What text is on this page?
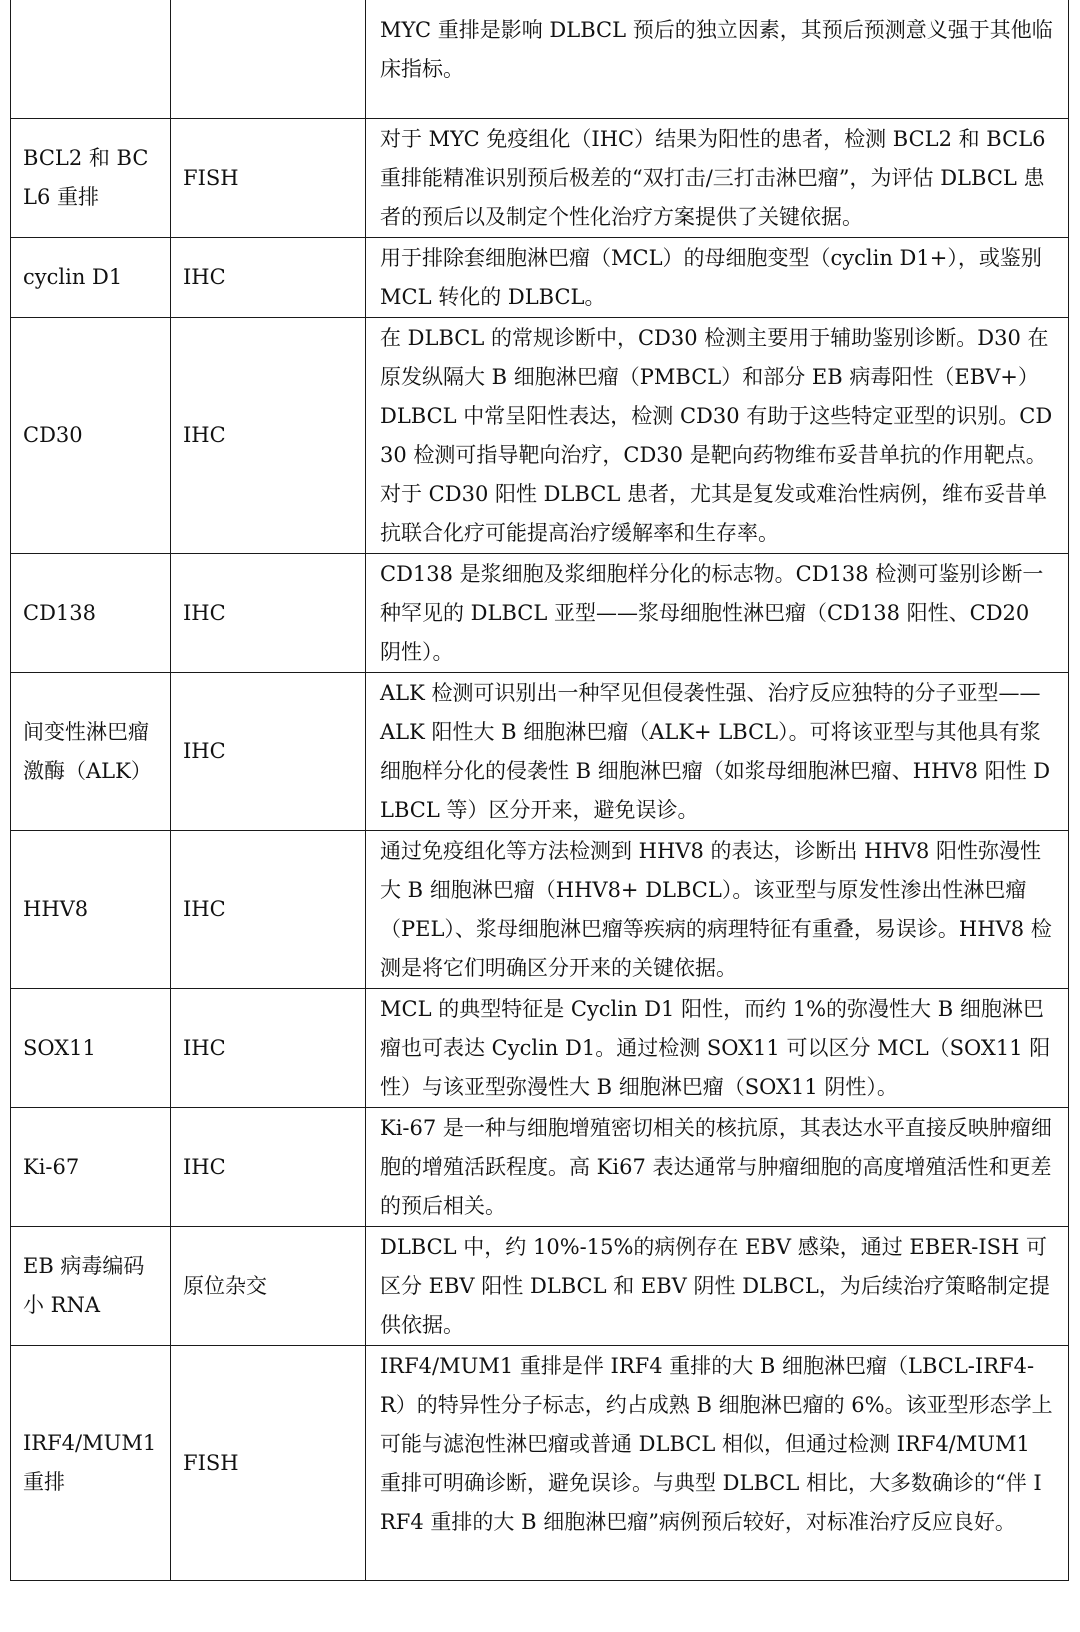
		MYC 重排是影响 DLBCL 预后的独立因素，其预后预测意义强于其他临床指标。
BCL2 和 BCL6 重排	FISH	对于 MYC 免疫组化（IHC）结果为阳性的患者，检测 BCL2 和 BCL6 重排能精准识别预后极差的“双打击/三打击淋巴瘤”，为评估 DLBCL 患者的预后以及制定个性化治疗方案提供了关键依据。
cyclin D1	IHC	用于排除套细胞淋巴瘤（MCL）的母细胞变型（cyclin D1+），或鉴别 MCL 转化的 DLBCL。
CD30	IHC	在 DLBCL 的常规诊断中，CD30 检测主要用于辅助鉴别诊断。D30 在原发纵隔大 B 细胞淋巴瘤（PMBCL）和部分 EB 病毒阳性（EBV+）DLBCL 中常呈阳性表达，检测 CD30 有助于这些特定亚型的识别。CD30 检测可指导靶向治疗，CD30 是靶向药物维布妥昔单抗的作用靶点。对于 CD30 阳性 DLBCL 患者，尤其是复发或难治性病例，维布妥昔单抗联合化疗可能提高治疗缓解率和生存率。
CD138	IHC	CD138 是浆细胞及浆细胞样分化的标志物。CD138 检测可鉴别诊断一种罕见的 DLBCL 亚型——浆母细胞性淋巴瘤（CD138 阳性、CD20 阴性）。
间变性淋巴瘤激酶（ALK）	IHC	ALK 检测可识别出一种罕见但侵袭性强、治疗反应独特的分子亚型——ALK 阳性大 B 细胞淋巴瘤（ALK+ LBCL）。可将该亚型与其他具有浆细胞样分化的侵袭性 B 细胞淋巴瘤（如浆母细胞淋巴瘤、HHV8 阳性 DLBCL 等）区分开来，避免误诊。
HHV8	IHC	通过免疫组化等方法检测到 HHV8 的表达，诊断出 HHV8 阳性弥漫性大 B 细胞淋巴瘤（HHV8+ DLBCL）。该亚型与原发性渗出性淋巴瘤（PEL）、浆母细胞淋巴瘤等疾病的病理特征有重叠，易误诊。HHV8 检测是将它们明确区分开来的关键依据。
SOX11	IHC	MCL 的典型特征是 Cyclin D1 阳性，而约 1%的弥漫性大 B 细胞淋巴瘤也可表达 Cyclin D1。通过检测 SOX11 可以区分 MCL（SOX11 阳性）与该亚型弥漫性大 B 细胞淋巴瘤（SOX11 阴性）。
Ki-67	IHC	Ki-67 是一种与细胞增殖密切相关的核抗原，其表达水平直接反映肿瘤细胞的增殖活跃程度。高 Ki67 表达通常与肿瘤细胞的高度增殖活性和更差的预后相关。
EB 病毒编码小 RNA	原位杂交	DLBCL 中，约 10%-15%的病例存在 EBV 感染，通过 EBER-ISH 可区分 EBV 阳性 DLBCL 和 EBV 阴性 DLBCL，为后续治疗策略制定提供依据。
IRF4/MUM1 重排	FISH	IRF4/MUM1 重排是伴 IRF4 重排的大 B 细胞淋巴瘤（LBCL-IRF4-R）的特异性分子标志，约占成熟 B 细胞淋巴瘤的 6%。该亚型形态学上可能与滤泡性淋巴瘤或普通 DLBCL 相似，但通过检测 IRF4/MUM1 重排可明确诊断，避免误诊。与典型 DLBCL 相比，大多数确诊的“伴 IRF4 重排的大 B 细胞淋巴瘤”病例预后较好，对标准治疗反应良好。
